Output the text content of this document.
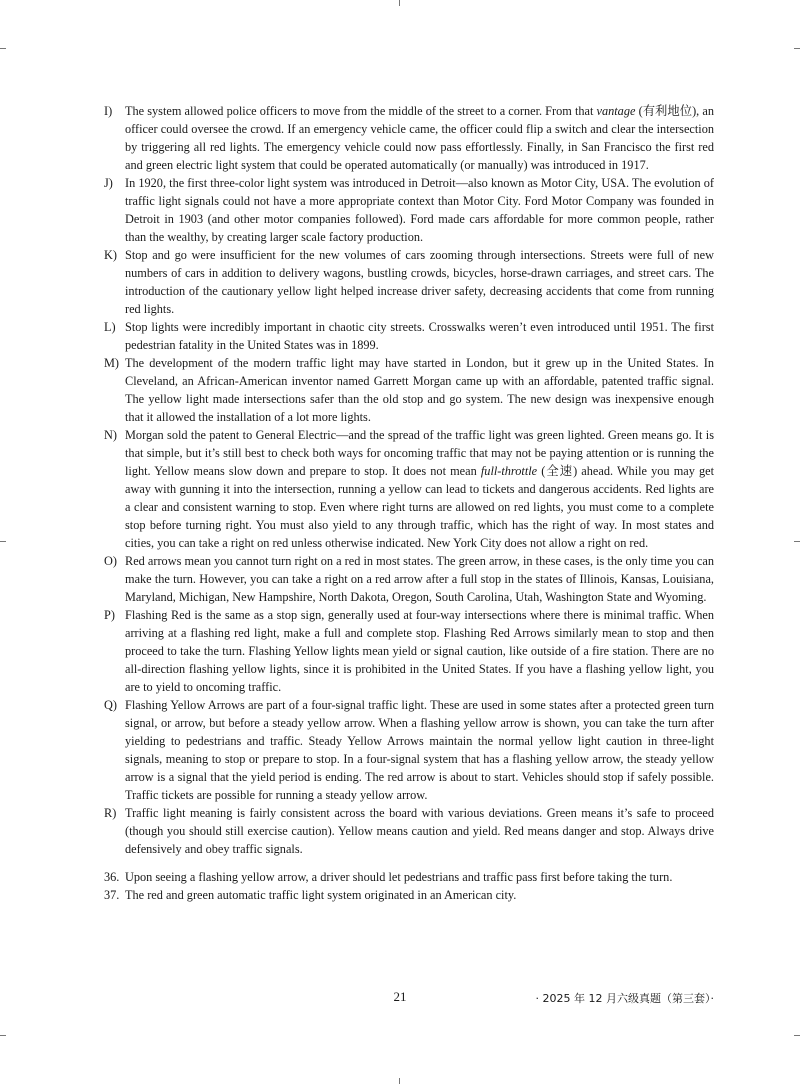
I)	The system allowed police officers to move from the middle of the street to a corner. From that vantage (有利地位), an officer could oversee the crowd. If an emergency vehicle came, the officer could flip a switch and clear the intersection by triggering all red lights. The emergency vehicle could now pass effortlessly. Finally, in San Francisco the first red and green electric light system that could be operated automatically (or manually) was introduced in 1917.
J) In 1920, the first three-color light system was introduced in Detroit—also known as Motor City, USA. The evolution of traffic light signals could not have a more appropriate context than Motor City. Ford Motor Company was founded in Detroit in 1903 (and other motor companies followed). Ford made cars affordable for more common people, rather than the wealthy, by creating larger scale factory production.
K) Stop and go were insufficient for the new volumes of cars zooming through intersections. Streets were full of new numbers of cars in addition to delivery wagons, bustling crowds, bicycles, horse-drawn carriages, and street cars. The introduction of the cautionary yellow light helped increase driver safety, decreasing accidents that come from running red lights.
L) Stop lights were incredibly important in chaotic city streets. Crosswalks weren’t even introduced until 1951. The first pedestrian fatality in the United States was in 1899.
M) The development of the modern traffic light may have started in London, but it grew up in the United States. In Cleveland, an African-American inventor named Garrett Morgan came up with an affordable, patented traffic signal. The yellow light made intersections safer than the old stop and go system. The new design was inexpensive enough that it allowed the installation of a lot more lights.
N) Morgan sold the patent to General Electric—and the spread of the traffic light was green lighted. Green means go. It is that simple, but it’s still best to check both ways for oncoming traffic that may not be paying attention or is running the light. Yellow means slow down and prepare to stop. It does not mean full-throttle (全速) ahead. While you may get away with gunning it into the intersection, running a yellow can lead to tickets and dangerous accidents. Red lights are a clear and consistent warning to stop. Even where right turns are allowed on red lights, you must come to a complete stop before turning right. You must also yield to any through traffic, which has the right of way. In most states and cities, you can take a right on red unless otherwise indicated. New York City does not allow a right on red.
O) Red arrows mean you cannot turn right on a red in most states. The green arrow, in these cases, is the only time you can make the turn. However, you can take a right on a red arrow after a full stop in the states of Illinois, Kansas, Louisiana, Maryland, Michigan, New Hampshire, North Dakota, Oregon, South Carolina, Utah, Washington State and Wyoming.
P) Flashing Red is the same as a stop sign, generally used at four-way intersections where there is minimal traffic. When arriving at a flashing red light, make a full and complete stop. Flashing Red Arrows similarly mean to stop and then proceed to take the turn. Flashing Yellow lights mean yield or signal caution, like outside of a fire station. There are no all-direction flashing yellow lights, since it is prohibited in the United States. If you have a flashing yellow light, you are to yield to oncoming traffic.
Q) Flashing Yellow Arrows are part of a four-signal traffic light. These are used in some states after a protected green turn signal, or arrow, but before a steady yellow arrow. When a flashing yellow arrow is shown, you can take the turn after yielding to pedestrians and traffic. Steady Yellow Arrows maintain the normal yellow light caution in three-light signals, meaning to stop or prepare to stop. In a four-signal system that has a flashing yellow arrow, the steady yellow arrow is a signal that the yield period is ending. The red arrow is about to start. Vehicles should stop if safely possible. Traffic tickets are possible for running a steady yellow arrow.
R) Traffic light meaning is fairly consistent across the board with various deviations. Green means it’s safe to proceed (though you should still exercise caution). Yellow means caution and yield. Red means danger and stop. Always drive defensively and obey traffic signals.
36. Upon seeing a flashing yellow arrow, a driver should let pedestrians and traffic pass first before taking the turn.
37. The red and green automatic traffic light system originated in an American city.
21	· 2025 年 12 月六级真题（第三套）·
